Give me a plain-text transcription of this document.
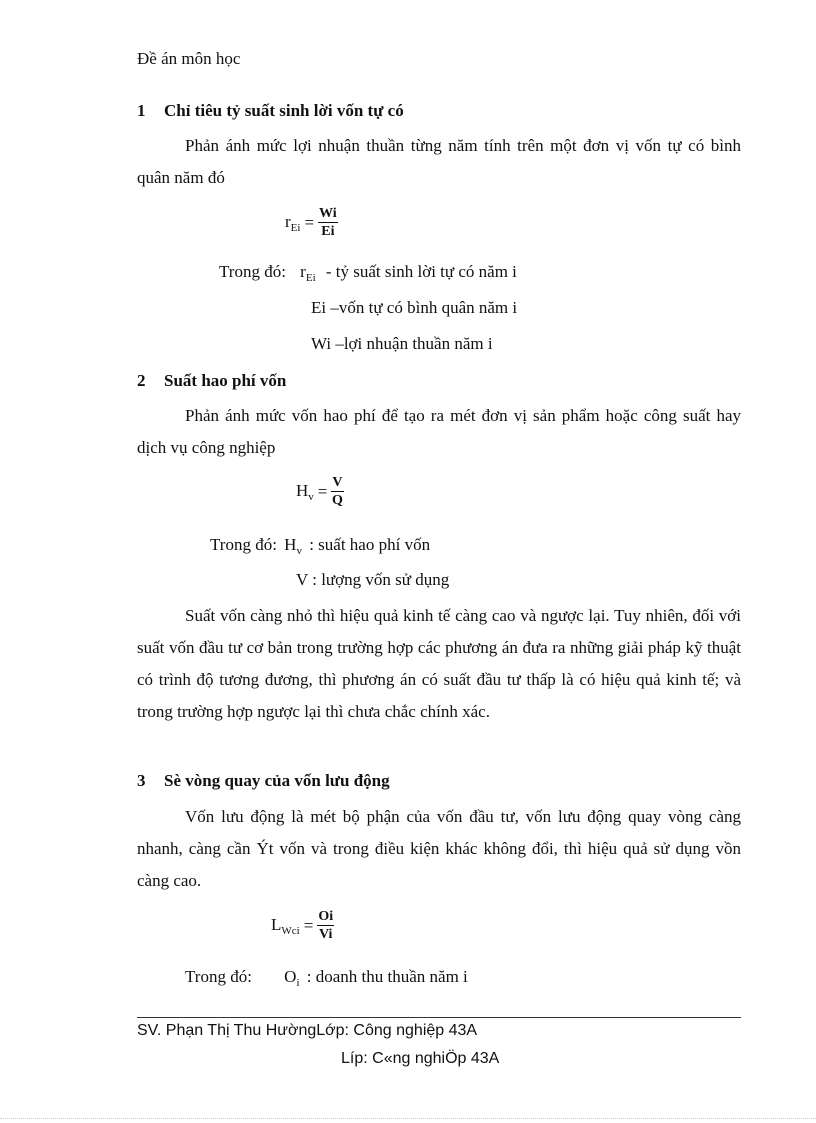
Đề án môn học
1 Chỉ tiêu tỷ suất sinh lời vốn tự có
Phản ánh mức lợi nhuận thuần từng năm tính trên một đơn vị vốn tự có bình quân năm đó
$r_{Ei} = \frac{Wi}{Ei}$
Trong đó: $r_{Ei}$ - tỷ suất sinh lời tự có năm i
Ei –vốn tự có bình quân năm i
Wi –lợi nhuận thuần năm i
2 Suất hao phí vốn
Phản ánh mức vốn hao phí để tạo ra mét đơn vị sản phẩm hoặc công suất hay dịch vụ công nghiệp
$H_v = \frac{V}{Q}$
Trong đó: $H_v$ : suất hao phí vốn
V : lượng vốn sử dụng
Suất vốn càng nhỏ thì hiệu quả kinh tế càng cao và ngược lại. Tuy nhiên, đối với suất vốn đầu tư cơ bản trong trường hợp các phương án đưa ra những giải pháp kỹ thuật có trình độ tương đương, thì phương án có suất đầu tư thấp là có hiệu quả kinh tế; và trong trường hợp ngược lại thì chưa chắc chính xác.
3 Sè vòng quay của vốn lưu động
Vốn lưu động là mét bộ phận của vốn đầu tư, vốn lưu động quay vòng càng nhanh, càng cần Ýt vốn và trong điều kiện khác không đổi, thì hiệu quả sử dụng vồn càng cao.
$L_{Wci} = \frac{Oi}{Vi}$
Trong đó: $O_i$ : doanh thu thuần năm i
SV. Phạn Thị Thu HườngLớp: Công nghiệp 43A
Líp: C«ng nghiÖp 43A
